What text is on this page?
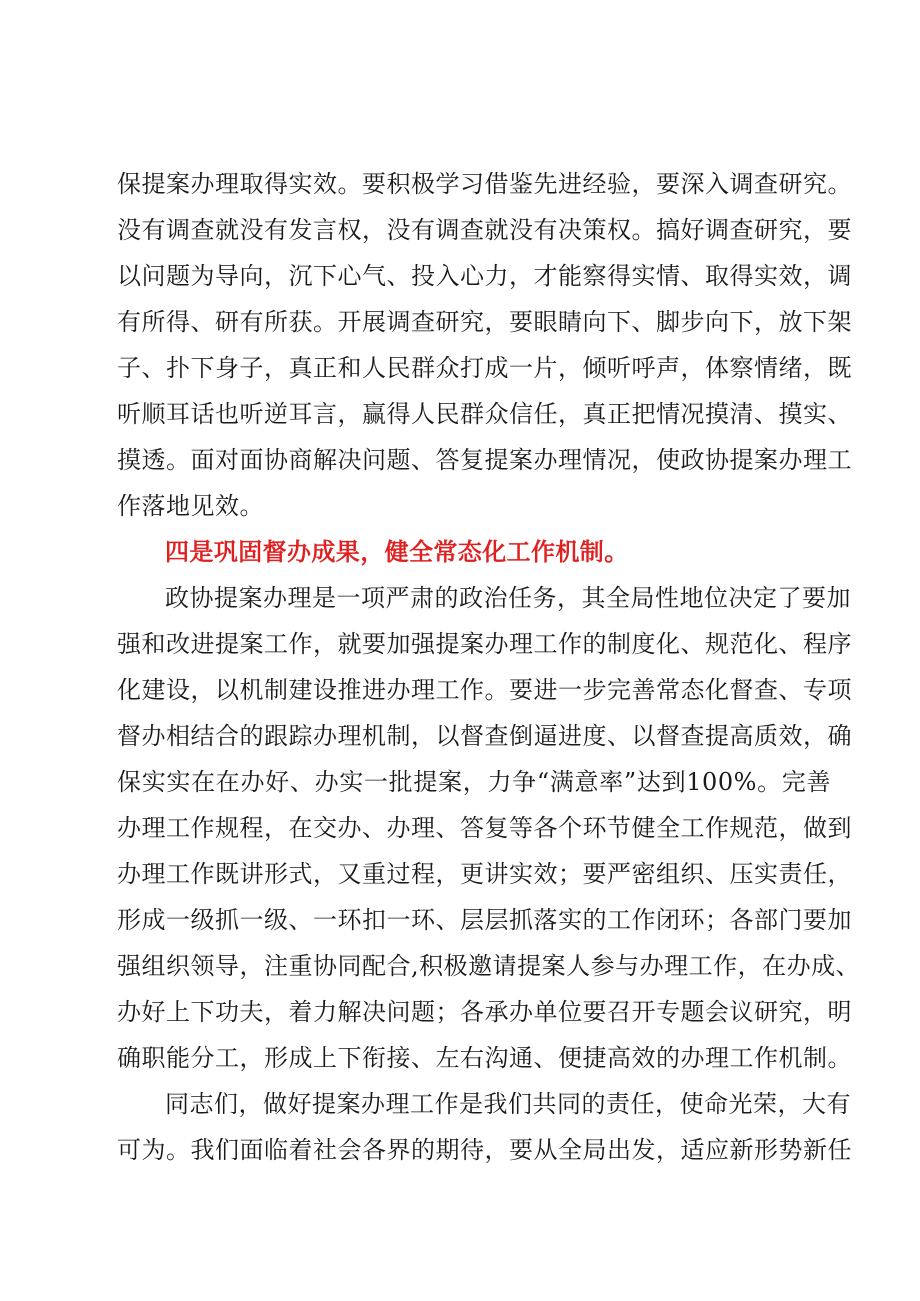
保提案办理取得实效。要积极学习借鉴先进经验，要深入调查研究。
没有调查就没有发言权，没有调查就没有决策权。搞好调查研究，要
以问题为导向，沉下心气、投入心力，才能察得实情、取得实效，调
有所得、研有所获。开展调查研究，要眼睛向下、脚步向下，放下架
子、扑下身子，真正和人民群众打成一片，倾听呼声，体察情绪，既
听顺耳话也听逆耳言，赢得人民群众信任，真正把情况摸清、摸实、
摸透。面对面协商解决问题、答复提案办理情况，使政协提案办理工
作落地见效。
四是巩固督办成果，健全常态化工作机制。
政协提案办理是一项严肃的政治任务，其全局性地位决定了要加
强和改进提案工作，就要加强提案办理工作的制度化、规范化、程序
化建设，以机制建设推进办理工作。要进一步完善常态化督查、专项
督办相结合的跟踪办理机制，以督查倒逼进度、以督查提高质效，确
保实实在在办好、办实一批提案，力争“满意率”达到100%。完善
办理工作规程，在交办、办理、答复等各个环节健全工作规范，做到
办理工作既讲形式，又重过程，更讲实效；要严密组织、压实责任，
形成一级抓一级、一环扣一环、层层抓落实的工作闭环；各部门要加
强组织领导，注重协同配合,积极邀请提案人参与办理工作，在办成、
办好上下功夫，着力解决问题；各承办单位要召开专题会议研究，明
确职能分工，形成上下衔接、左右沟通、便捷高效的办理工作机制。
同志们，做好提案办理工作是我们共同的责任，使命光荣，大有
可为。我们面临着社会各界的期待，要从全局出发，适应新形势新任
